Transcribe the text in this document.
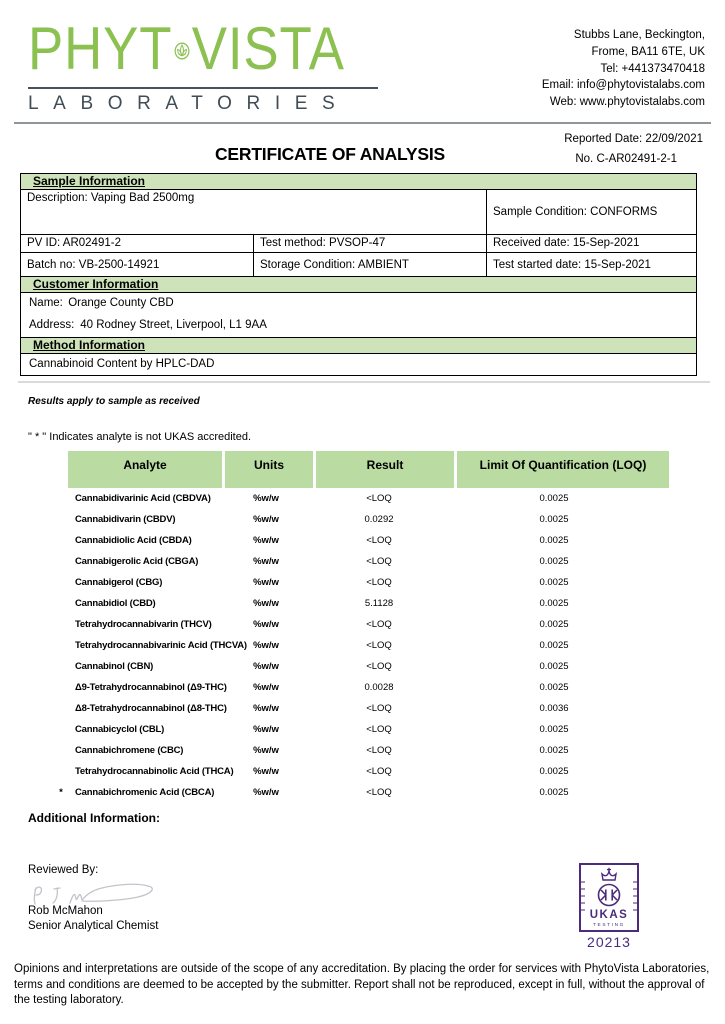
PHYT VISTA
LABORATORIES
Stubbs Lane, Beckington,
Frome, BA11 6TE, UK
Tel: +441373470418
Email: info@phytovistalabs.com
Web: www.phytovistalabs.com
CERTIFICATE OF ANALYSIS
Reported Date: 22/09/2021
No. C-AR02491-2-1
Sample Information
Description: Vaping Bad 2500mg		Sample Condition: CONFORMS
PV ID: AR02491-2	Test method: PVSOP-47	Received date: 15-Sep-2021
Batch no: VB-2500-14921	Storage Condition: AMBIENT	Test started date: 15-Sep-2021
Customer Information
Name: Orange County CBD
Address: 40 Rodney Street, Liverpool, L1 9AA
Method Information
Cannabinoid Content by HPLC-DAD
Results apply to sample as received
" * " Indicates analyte is not UKAS accredited.
Analyte	Units	Result	Limit Of Quantification (LOQ)
Cannabidivarinic Acid (CBDVA)	%w/w	<LOQ	0.0025
Cannabidivarin (CBDV)	%w/w	0.0292	0.0025
Cannabidiolic Acid (CBDA)	%w/w	<LOQ	0.0025
Cannabigerolic Acid (CBGA)	%w/w	<LOQ	0.0025
Cannabigerol (CBG)	%w/w	<LOQ	0.0025
Cannabidiol (CBD)	%w/w	5.1128	0.0025
Tetrahydrocannabivarin (THCV)	%w/w	<LOQ	0.0025
Tetrahydrocannabivarinic Acid (THCVA) %w/w	<LOQ	0.0025
Cannabinol (CBN)	%w/w	<LOQ	0.0025
Δ9-Tetrahydrocannabinol (Δ9-THC)	%w/w	0.0028	0.0025
Δ8-Tetrahydrocannabinol (Δ8-THC)	%w/w	<LOQ	0.0036
Cannabicyclol (CBL)	%w/w	<LOQ	0.0025
Cannabichromene (CBC)	%w/w	<LOQ	0.0025
Tetrahydrocannabinolic Acid (THCA)	%w/w	<LOQ	0.0025
*	Cannabichromenic Acid (CBCA)	%w/w	<LOQ	0.0025
Additional Information:
Reviewed By:
Rob McMahon
Senior Analytical Chemist
UKAS
TESTING
20213
Opinions and interpretations are outside of the scope of any accreditation. By placing the order for services with PhytoVista Laboratories, terms and conditions are deemed to be accepted by the submitter. Report shall not be reproduced, except in full, without the approval of the testing laboratory.
